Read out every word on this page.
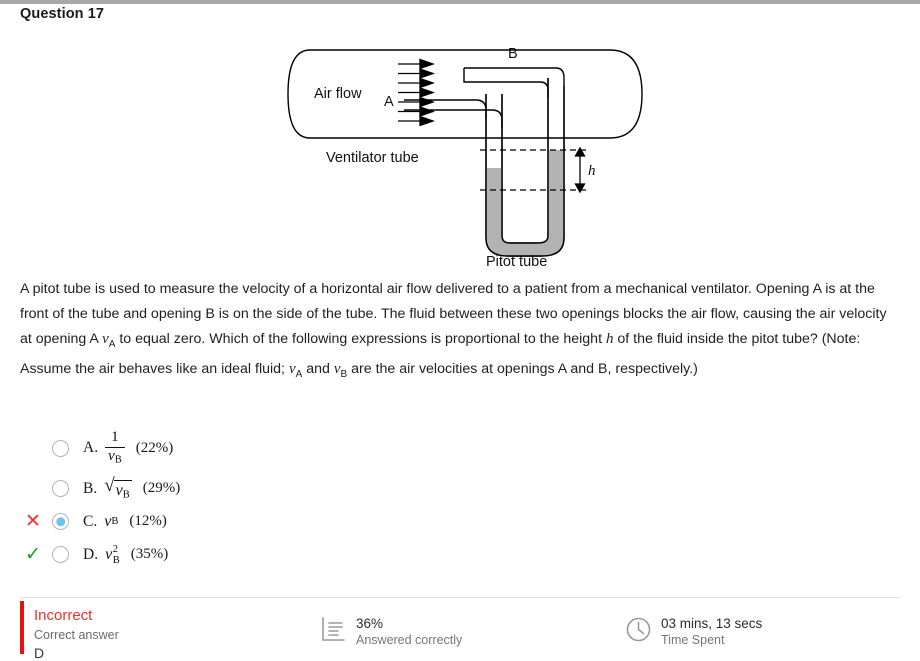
Question 17
Air flow
Ventilator tube
A
B
h
Pitot tube
A pitot tube is used to measure the velocity of a horizontal air flow delivered to a patient from a mechanical ventilator. Opening A is at the front of the tube and opening B is on the side of the tube. The fluid between these two openings blocks the air flow, causing the air velocity at opening A $v_A$ to equal zero. Which of the following expressions is proportional to the height h of the fluid inside the pitot tube? (Note: Assume the air behaves like an ideal fluid; $v_A$ and $v_B$ are the air velocities at openings A and B, respectively.)
A. $\frac{1}{vB} (22\%)$
B. √ vB (29%)
✕	C. v B (12%)
✓	D. v 2
B (35%)
Incorrect
Correct answer
D
36%
Answered correctly
03 mins, 13 secs
Time Spent
